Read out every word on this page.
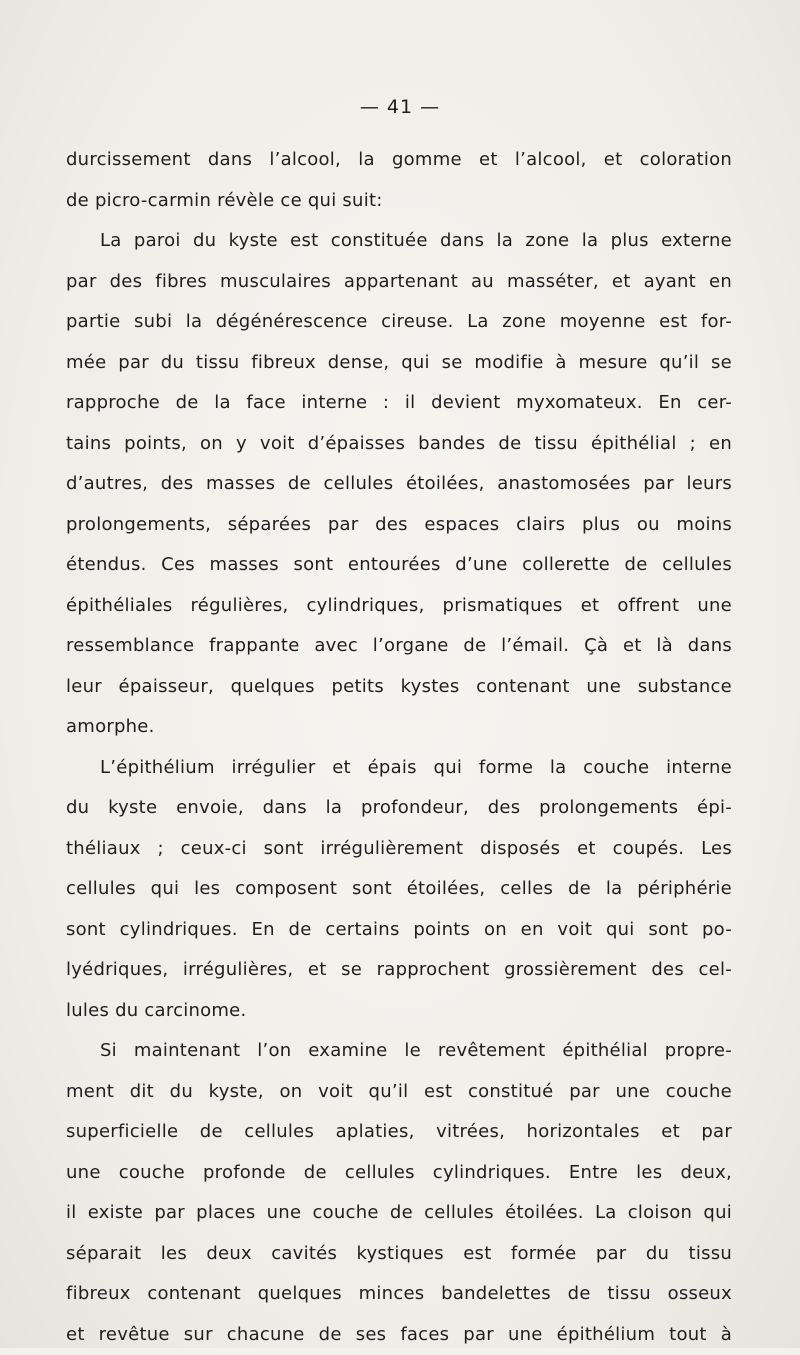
— 41 —
durcissement dans l’alcool, la gomme et l’alcool, et coloration
de picro-carmin révèle ce qui suit:
La paroi du kyste est constituée dans la zone la plus externe
par des fibres musculaires appartenant au masséter, et ayant en
partie subi la dégénérescence cireuse. La zone moyenne est for-
mée par du tissu fibreux dense, qui se modifie à mesure qu’il se
rapproche de la face interne : il devient myxomateux. En cer-
tains points, on y voit d’épaisses bandes de tissu épithélial ; en
d’autres, des masses de cellules étoilées, anastomosées par leurs
prolongements, séparées par des espaces clairs plus ou moins
étendus. Ces masses sont entourées d’une collerette de cellules
épithéliales régulières, cylindriques, prismatiques et offrent une
ressemblance frappante avec l’organe de l’émail. Çà et là dans
leur épaisseur, quelques petits kystes contenant une substance
amorphe.
L’épithélium irrégulier et épais qui forme la couche interne
du kyste envoie, dans la profondeur, des prolongements épi-
théliaux ; ceux-ci sont irrégulièrement disposés et coupés. Les
cellules qui les composent sont étoilées, celles de la périphérie
sont cylindriques. En de certains points on en voit qui sont po-
lyédriques, irrégulières, et se rapprochent grossièrement des cel-
lules du carcinome.
Si maintenant l’on examine le revêtement épithélial propre-
ment dit du kyste, on voit qu’il est constitué par une couche
superficielle de cellules aplaties, vitrées, horizontales et par
une couche profonde de cellules cylindriques. Entre les deux,
il existe par places une couche de cellules étoilées. La cloison qui
séparait les deux cavités kystiques est formée par du tissu
fibreux contenant quelques minces bandelettes de tissu osseux
et revêtue sur chacune de ses faces par une épithélium tout à
